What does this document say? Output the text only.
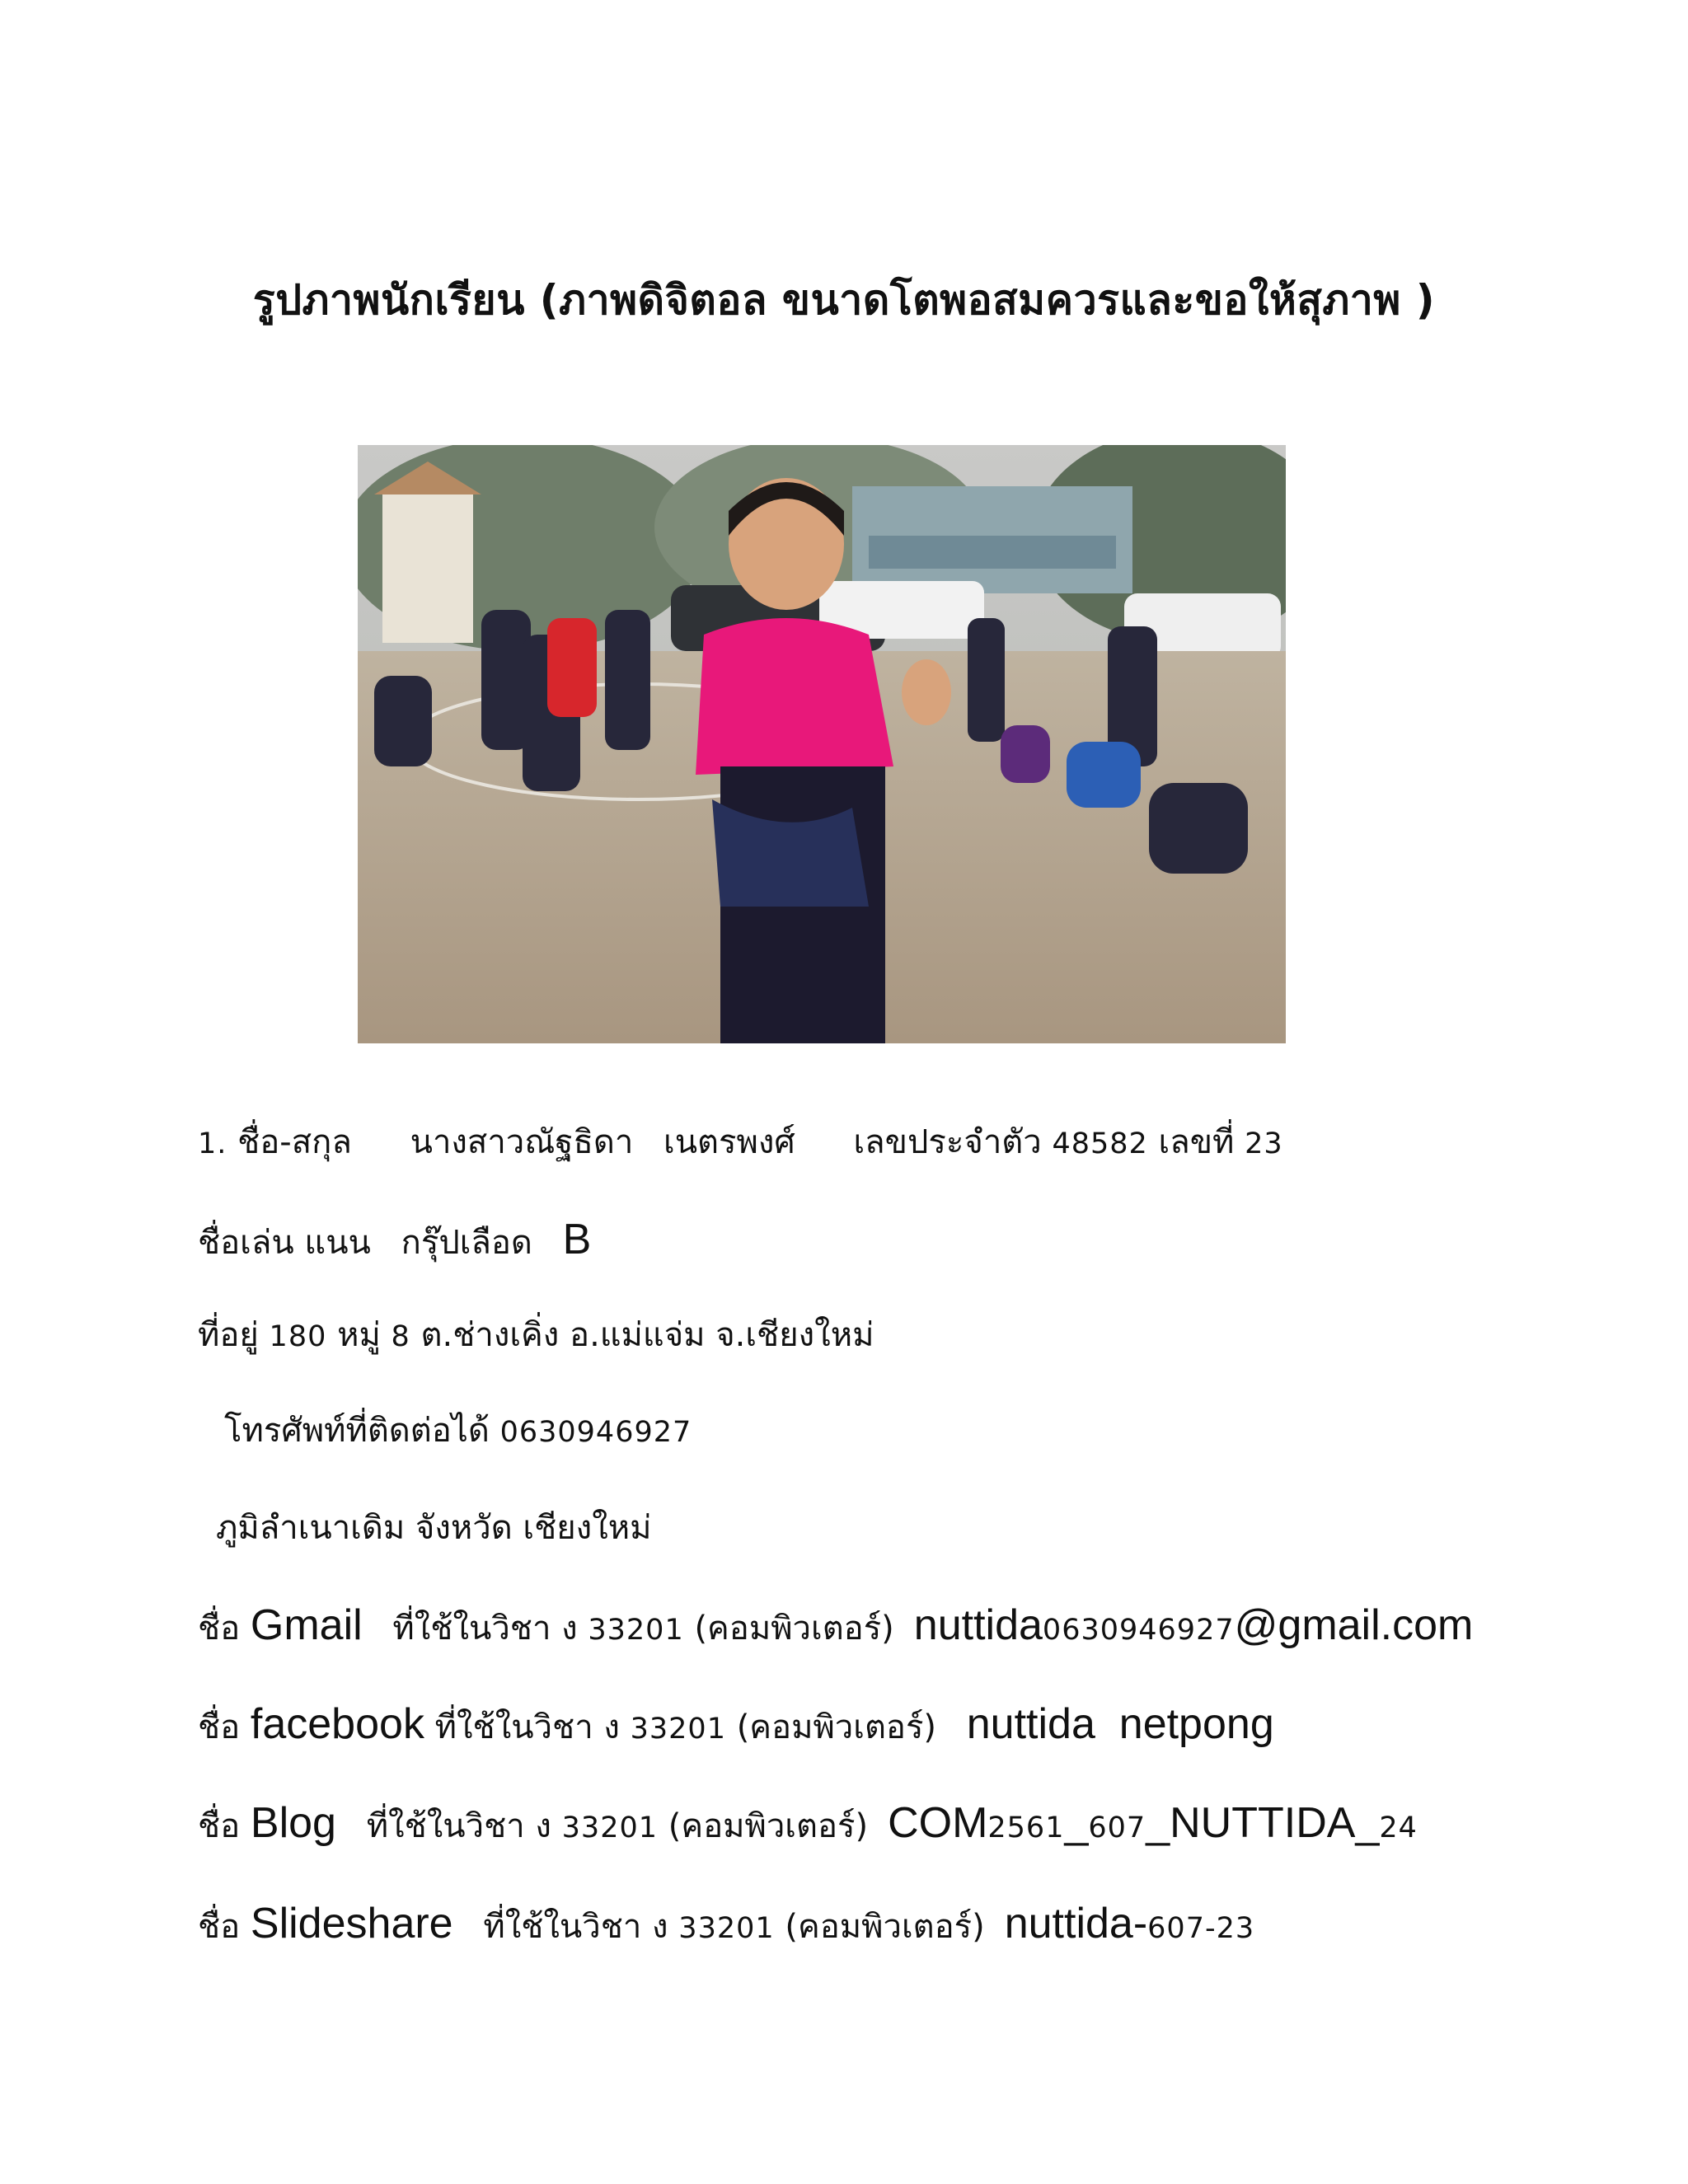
รูปภาพนักเรียน (ภาพดิจิตอล ขนาดโตพอสมควรและขอให้สุภาพ )
1. ชื่อ-สกุล นางสาวณัฐธิดา เนตรพงศ์ เลขประจำตัว 48582 เลขที่ 23
ชื่อเล่น แนน กรุ๊ปเลือด B
ที่อยู่ 180 หมู่ 8 ต.ช่างเคิ่ง อ.แม่แจ่ม จ.เชียงใหม่
โทรศัพท์ที่ติดต่อได้ 0630946927
ภูมิลำเนาเดิม จังหวัด เชียงใหม่
ชื่อ Gmail ที่ใช้ในวิชา ง 33201 (คอมพิวเตอร์) nuttida0630946927@gmail.com
ชื่อ facebook ที่ใช้ในวิชา ง 33201 (คอมพิวเตอร์) nuttida  netpong
ชื่อ Blog ที่ใช้ในวิชา ง 33201 (คอมพิวเตอร์) COM2561_607_NUTTIDA_24
ชื่อ Slideshare ที่ใช้ในวิชา ง 33201 (คอมพิวเตอร์) nuttida-607-23
